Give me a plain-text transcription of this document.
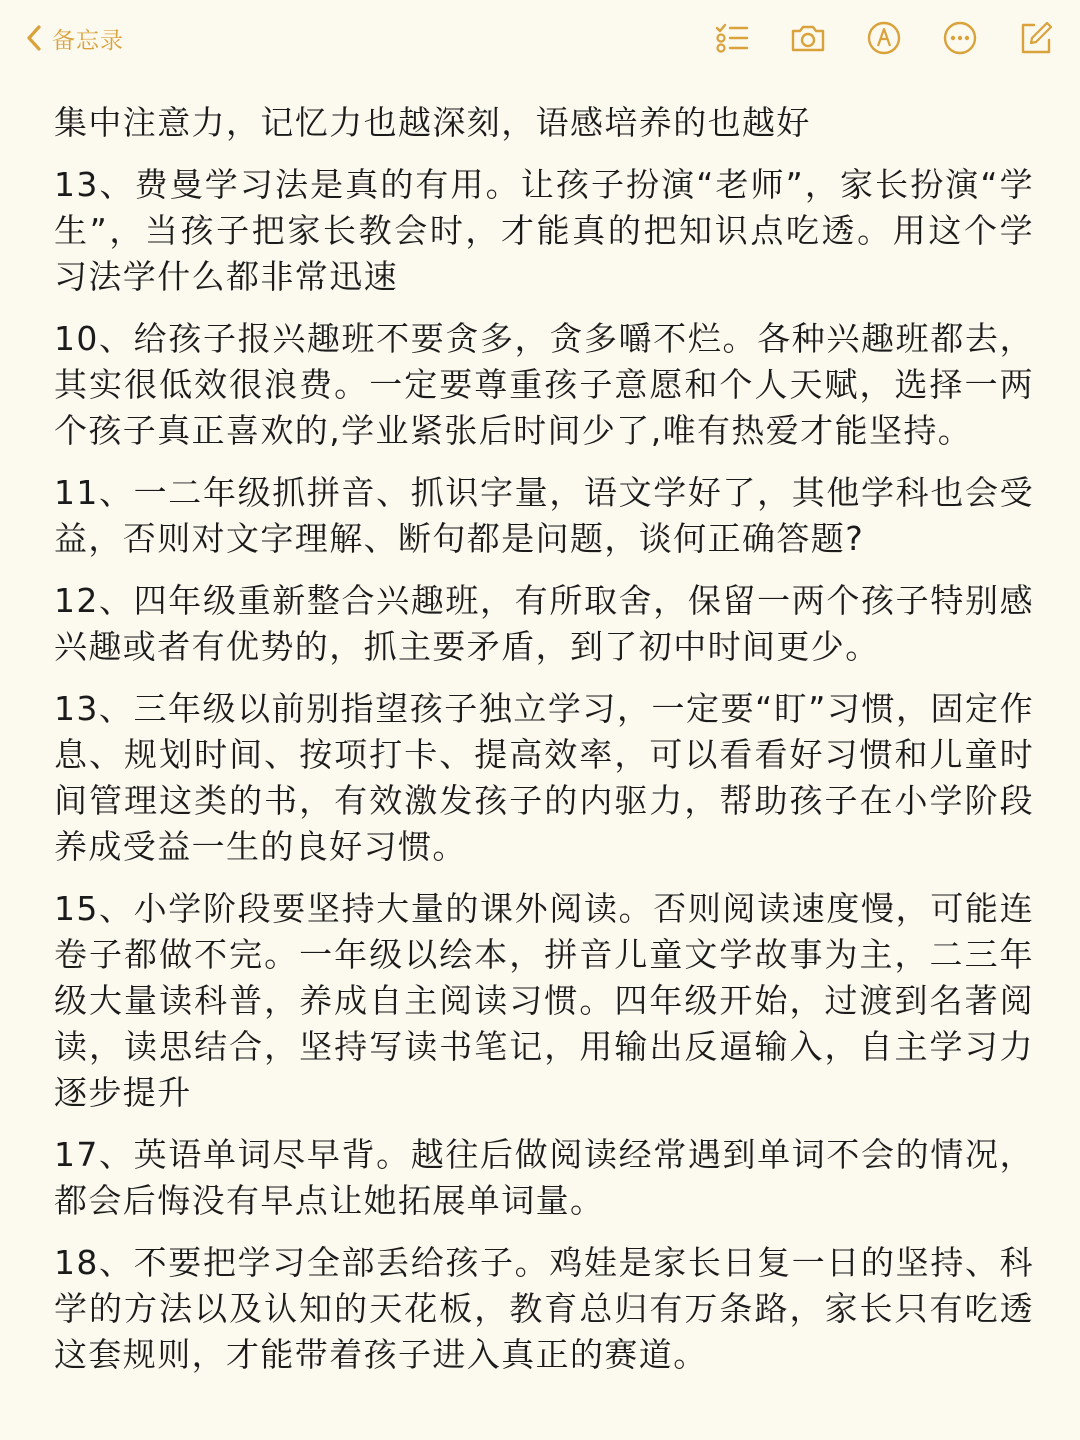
备忘录

集中注意力，记忆力也越深刻，语感培养的也越好

13、费曼学习法是真的有用。让孩子扮演“老师”，家长扮演“学生”，当孩子把家长教会时，才能真的把知识点吃透。用这个学习法学什么都非常迅速

10、给孩子报兴趣班不要贪多，贪多嚼不烂。各种兴趣班都去，其实很低效很浪费。一定要尊重孩子意愿和个人天赋，选择一两个孩子真正喜欢的,学业紧张后时间少了,唯有热爱才能坚持。

11、一二年级抓拼音、抓识字量，语文学好了，其他学科也会受益，否则对文字理解、断句都是问题，谈何正确答题?

12、四年级重新整合兴趣班，有所取舍，保留一两个孩子特别感兴趣或者有优势的，抓主要矛盾，到了初中时间更少。

13、三年级以前别指望孩子独立学习，一定要“盯”习惯，固定作息、规划时间、按项打卡、提高效率，可以看看好习惯和儿童时间管理这类的书，有效激发孩子的内驱力，帮助孩子在小学阶段养成受益一生的良好习惯。

15、小学阶段要坚持大量的课外阅读。否则阅读速度慢，可能连卷子都做不完。一年级以绘本，拼音儿童文学故事为主，二三年级大量读科普，养成自主阅读习惯。四年级开始，过渡到名著阅读，读思结合，坚持写读书笔记，用输出反逼输入，自主学习力逐步提升

17、英语单词尽早背。越往后做阅读经常遇到单词不会的情况，都会后悔没有早点让她拓展单词量。

18、不要把学习全部丢给孩子。鸡娃是家长日复一日的坚持、科学的方法以及认知的天花板，教育总归有万条路，家长只有吃透这套规则，才能带着孩子进入真正的赛道。
